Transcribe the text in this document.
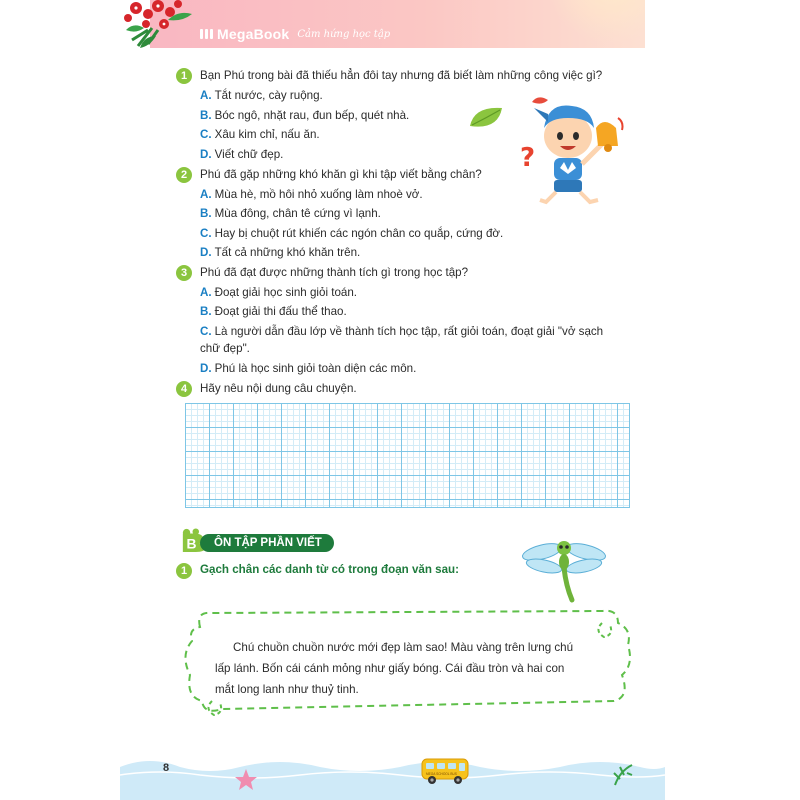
MegaBook Cảm hứng học tập
1	Bạn Phú trong bài đã thiếu hẳn đôi tay nhưng đã biết làm những công việc gì?
A. Tắt nước, cày ruộng.
B. Bóc ngô, nhặt rau, đun bếp, quét nhà.
C. Xâu kim chỉ, nấu ăn.
D. Viết chữ đẹp.	?
2	Phú đã gặp những khó khăn gì khi tập viết bằng chân?
A. Mùa hè, mồ hôi nhỏ xuống làm nhoè vở.
B. Mùa đông, chân tê cứng vì lạnh.
C. Hay bị chuột rút khiến các ngón chân co quắp, cứng đờ.
D. Tất cả những khó khăn trên.
3	Phú đã đạt được những thành tích gì trong học tập?
A. Đoạt giải học sinh giỏi toán.
B. Đoạt giải thi đấu thể thao.
C. Là người dẫn đầu lớp về thành tích học tập, rất giỏi toán, đoạt giải "vở sạch
chữ đẹp".
D. Phú là học sinh giỏi toàn diện các môn.
4	Hãy nêu nội dung câu chuyện.
B	ÔN TẬP PHẦN VIẾT
1	Gạch chân các danh từ có trong đoạn văn sau:
Chú chuồn chuồn nước mới đẹp làm sao! Màu vàng trên lưng chú
lấp lánh. Bốn cái cánh mỏng như giấy bóng. Cái đầu tròn và hai con
mắt long lanh như thuỷ tinh.
MEGA SCHOOL BUS
8
